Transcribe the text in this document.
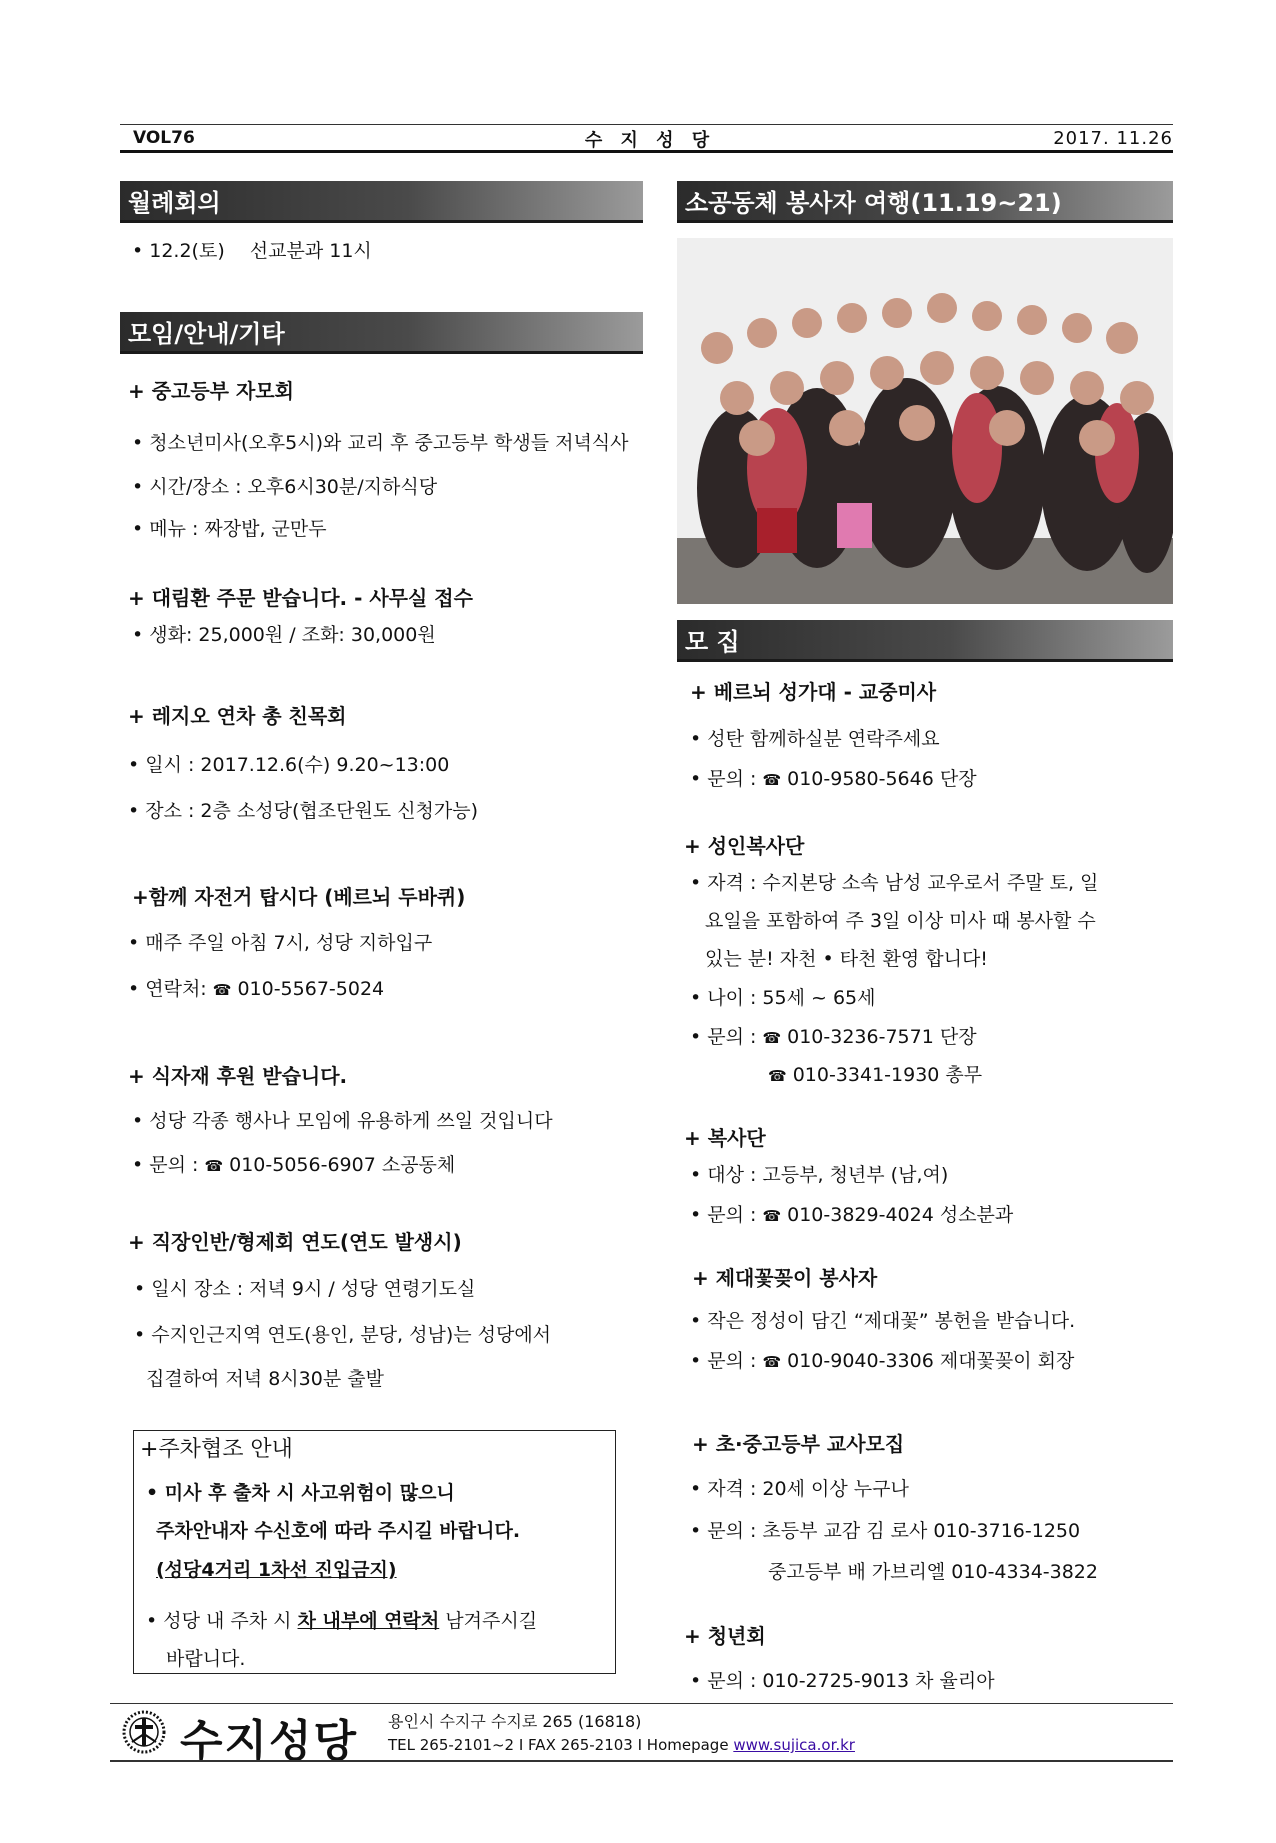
VOL76	수 지 성 당	2017. 11.26
월례회의
• 12.2(토)　 선교분과 11시
모임/안내/기타
+ 중고등부 자모회
• 청소년미사(오후5시)와 교리 후 중고등부 학생들 저녁식사
• 시간/장소 : 오후6시30분/지하식당
• 메뉴 : 짜장밥, 군만두
+ 대림환 주문 받습니다. - 사무실 접수
• 생화: 25,000원 / 조화: 30,000원
+ 레지오 연차 총 친목회
• 일시 : 2017.12.6(수) 9.20~13:00
• 장소 : 2층 소성당(협조단원도 신청가능)
+함께 자전거 탑시다 (베르뇌 두바퀴)
• 매주 주일 아침 7시, 성당 지하입구
• 연락처: ☎ 010-5567-5024
+ 식자재 후원 받습니다.
• 성당 각종 행사나 모임에 유용하게 쓰일 것입니다
• 문의 : ☎ 010-5056-6907 소공동체
+ 직장인반/형제회 연도(연도 발생시)
• 일시 장소 : 저녁 9시 / 성당 연령기도실
• 수지인근지역 연도(용인, 분당, 성남)는 성당에서
집결하여 저녁 8시30분 출발
+주차협조 안내
• 미사 후 출차 시 사고위험이 많으니
주차안내자 수신호에 따라 주시길 바랍니다.
(성당4거리 1차선 진입금지)
• 성당 내 주차 시 차 내부에 연락처 남겨주시길
바랍니다.
소공동체 봉사자 여행(11.19~21)
모 집
+ 베르뇌 성가대 - 교중미사
• 성탄 함께하실분 연락주세요
• 문의 : ☎ 010-9580-5646 단장
+ 성인복사단
• 자격 : 수지본당 소속 남성 교우로서 주말 토, 일
요일을 포함하여 주 3일 이상 미사 때 봉사할 수
있는 분! 자천 • 타천 환영 합니다!
• 나이 : 55세 ~ 65세
• 문의 : ☎ 010-3236-7571 단장
☎ 010-3341-1930 총무
+ 복사단
• 대상 : 고등부, 청년부 (남,여)
• 문의 : ☎ 010-3829-4024 성소분과
+ 제대꽃꽂이 봉사자
• 작은 정성이 담긴 “제대꽃” 봉헌을 받습니다.
• 문의 : ☎ 010-9040-3306 제대꽃꽂이 회장
+ 초·중고등부 교사모집
• 자격 : 20세 이상 누구나
• 문의 : 초등부 교감 김 로사 010-3716-1250
중고등부 배 가브리엘 010-4334-3822
+ 청년회
• 문의 : 010-2725-9013 차 율리아
수지성당 용인시 수지구 수지로 265 (16818)
TEL 265-2101~2 I FAX 265-2103 I Homepage www.sujica.or.kr
